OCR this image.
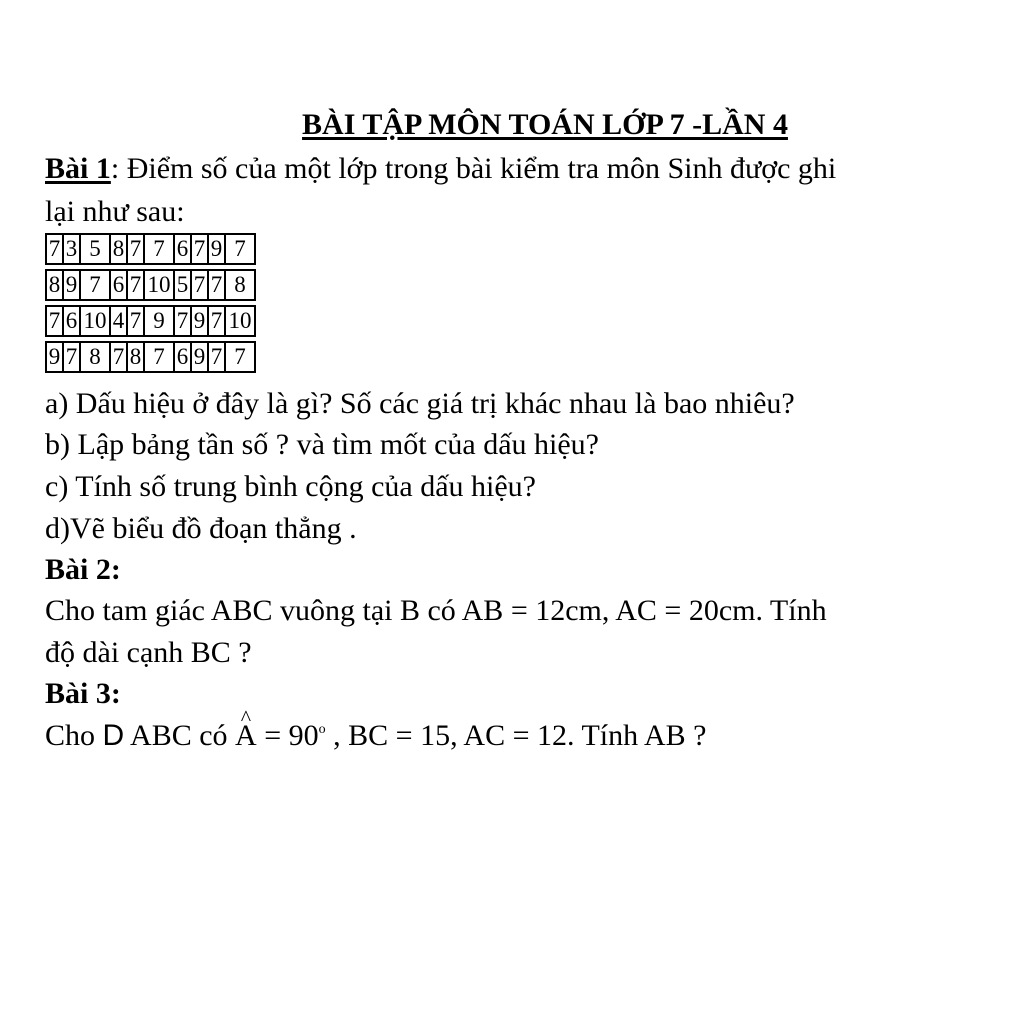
BÀI TẬP MÔN TOÁN LỚP 7 -LẦN 4
Bài 1: Điểm số của một lớp trong bài kiểm tra môn Sinh được ghi
lại như sau:
7	3	5	8	7	7	6	7	9	7

8	9	7	6	7	10	5	7	7	8

7	6	10	4	7	9	7	9	7	10

9	7	8	7	8	7	6	9	7	7
a) Dấu hiệu ở đây là gì? Số các giá trị khác nhau là bao nhiêu?
b) Lập bảng tần số ? và tìm mốt của dấu hiệu?
c) Tính số trung bình cộng của dấu hiệu?
d)Vẽ biểu đồ đoạn thẳng .
Bài 2:
Cho tam giác ABC vuông tại B có AB = 12cm, AC = 20cm. Tính
độ dài cạnh BC ?
Bài 3:
Cho D ABC có ^ $A = 90^o$ , BC = 15, AC = 12. Tính AB ?
